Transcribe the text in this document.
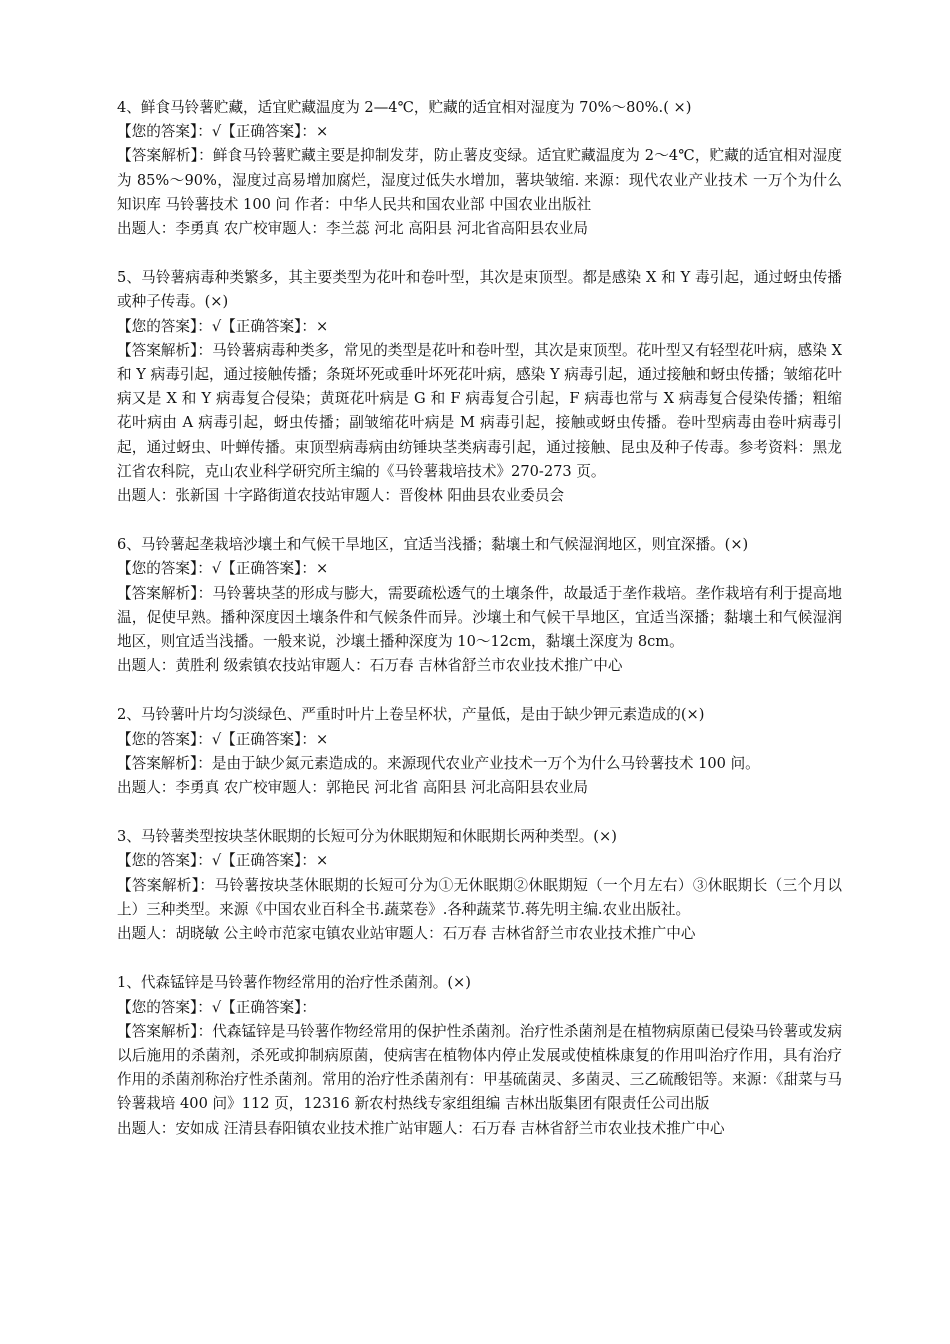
4、鲜食马铃薯贮藏，适宜贮藏温度为 2—4℃，贮藏的适宜相对湿度为 70%～80%.( ×)

【您的答案】：√【正确答案】：×

【答案解析】：鲜食马铃薯贮藏主要是抑制发芽，防止薯皮变绿。适宜贮藏温度为 2～4℃，贮藏的适宜相对湿度为 85%～90%，湿度过高易增加腐烂，湿度过低失水增加，薯块皱缩. 来源：现代农业产业技术 一万个为什么知识库 马铃薯技术 100 问 作者：中华人民共和国农业部 中国农业出版社

出题人：李勇真 农广校审题人：李兰蕊 河北 高阳县 河北省高阳县农业局

5、马铃薯病毒种类繁多，其主要类型为花叶和卷叶型，其次是束顶型。都是感染 X 和 Y 毒引起，通过蚜虫传播或种子传毒。(×)

【您的答案】：√【正确答案】：×

【答案解析】：马铃薯病毒种类多，常见的类型是花叶和卷叶型，其次是束顶型。花叶型又有轻型花叶病，感染 X 和 Y 病毒引起，通过接触传播；条斑坏死或垂叶坏死花叶病，感染 Y 病毒引起，通过接触和蚜虫传播；皱缩花叶病又是 X 和 Y 病毒复合侵染；黄斑花叶病是 G 和 F 病毒复合引起，F 病毒也常与 X 病毒复合侵染传播；粗缩花叶病由 A 病毒引起，蚜虫传播；副皱缩花叶病是 M 病毒引起，接触或蚜虫传播。卷叶型病毒由卷叶病毒引起，通过蚜虫、叶蝉传播。束顶型病毒病由纺锤块茎类病毒引起，通过接触、昆虫及种子传毒。参考资料：黑龙江省农科院，克山农业科学研究所主编的《马铃薯栽培技术》270-273 页。

出题人：张新国 十字路街道农技站审题人：晋俊林 阳曲县农业委员会

6、马铃薯起垄栽培沙壤土和气候干旱地区，宜适当浅播；黏壤土和气候湿润地区，则宜深播。(×)

【您的答案】：√【正确答案】：×

【答案解析】：马铃薯块茎的形成与膨大，需要疏松透气的土壤条件，故最适于垄作栽培。垄作栽培有利于提高地温，促使早熟。播种深度因土壤条件和气候条件而异。沙壤土和气候干旱地区，宜适当深播；黏壤土和气候湿润地区，则宜适当浅播。一般来说，沙壤土播种深度为 10～12cm，黏壤土深度为 8cm。

出题人：黄胜利 级索镇农技站审题人：石万春 吉林省舒兰市农业技术推广中心

2、马铃薯叶片均匀淡绿色、严重时叶片上卷呈杯状，产量低，是由于缺少钾元素造成的(×)

【您的答案】：√【正确答案】：×

【答案解析】：是由于缺少氮元素造成的。来源现代农业产业技术一万个为什么马铃薯技术 100 问。

出题人：李勇真 农广校审题人：郭艳民 河北省 高阳县 河北高阳县农业局

3、马铃薯类型按块茎休眠期的长短可分为休眠期短和休眠期长两种类型。(×)

【您的答案】：√【正确答案】：×

【答案解析】：马铃薯按块茎休眠期的长短可分为①无休眠期②休眠期短（一个月左右）③休眠期长（三个月以上）三种类型。来源《中国农业百科全书.蔬菜卷》.各种蔬菜节.蒋先明主编.农业出版社。

出题人：胡晓敏 公主岭市范家屯镇农业站审题人：石万春 吉林省舒兰市农业技术推广中心

1、代森锰锌是马铃薯作物经常用的治疗性杀菌剂。(×)

【您的答案】：√【正确答案】：

【答案解析】：代森锰锌是马铃薯作物经常用的保护性杀菌剂。治疗性杀菌剂是在植物病原菌已侵染马铃薯或发病以后施用的杀菌剂，杀死或抑制病原菌，使病害在植物体内停止发展或使植株康复的作用叫治疗作用，具有治疗作用的杀菌剂称治疗性杀菌剂。常用的治疗性杀菌剂有：甲基硫菌灵、多菌灵、三乙硫酸铝等。来源：《甜菜与马铃薯栽培 400 问》112 页，12316 新农村热线专家组组编 吉林出版集团有限责任公司出版

出题人：安如成 汪清县春阳镇农业技术推广站审题人：石万春 吉林省舒兰市农业技术推广中心
